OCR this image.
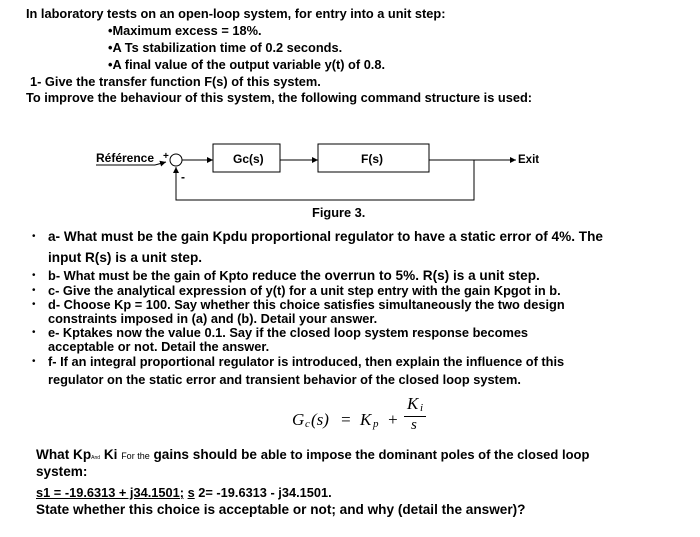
In laboratory tests on an open-loop system, for entry into a unit step:
•Maximum excess = 18%.
•A Ts stabilization time of 0.2 seconds.
•A final value of the output variable y(t) of 0.8.
1- Give the transfer function F(s) of this system.
To improve the behaviour of this system, the following command structure is used:
Référence +	Gc(s)	F(s)	Exit
-
Figure 3.
• a- What must be the gain Kpdu proportional regulator to have a static error of 4%. The
input R(s) is a unit step.
• b- What must be the gain of Kpto reduce the overrun to 5%. R(s) is a unit step.
• c- Give the analytical expression of y(t) for a unit step entry with the gain Kpgot in b.
• d- Choose Kp = 100. Say whether this choice satisfies simultaneously the two design
constraints imposed in (a) and (b). Detail your answer.
• e- Kptakes now the value 0.1. Say if the closed loop system response becomes
acceptable or not. Detail the answer.
• f- If an integral proportional regulator is introduced, then explain the influence of this
regulator on the static error and transient behavior of the closed loop system.
G c (s) = K p +
K i
s
What KpAnd Ki For the gains should be able to impose the dominant poles of the closed loop
system:
s1 = -19.6313 + j34.1501; s 2= -19.6313 - j34.1501.
State whether this choice is acceptable or not; and why (detail the answer)?
